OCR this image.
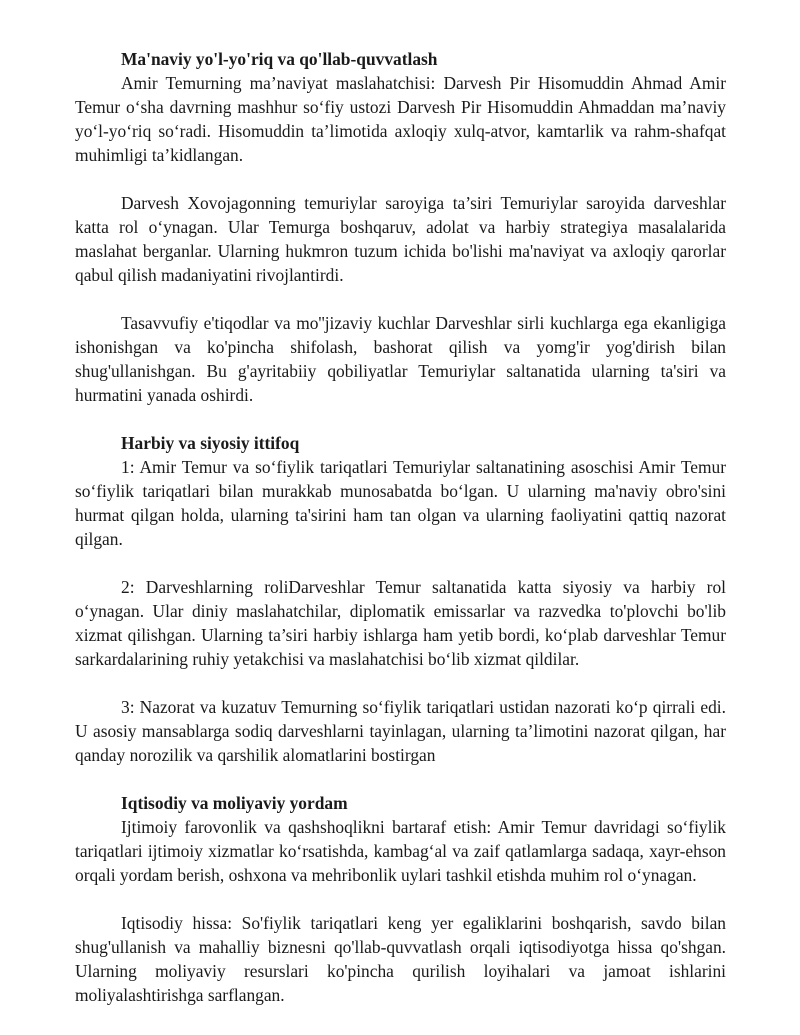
Ma'naviy yo'l-yo'riq va qo'llab-quvvatlash

Amir Temurning ma’naviyat maslahatchisi: Darvesh Pir Hisomuddin Ahmad Amir Temur o‘sha davrning mashhur so‘fiy ustozi Darvesh Pir Hisomuddin Ahmaddan ma’naviy yo‘l-yo‘riq so‘radi. Hisomuddin ta’limotida axloqiy xulq-atvor, kamtarlik va rahm-shafqat muhimligi ta’kidlangan.

Darvesh Xovojagonning temuriylar saroyiga ta’siri Temuriylar saroyida darveshlar katta rol o‘ynagan. Ular Temurga boshqaruv, adolat va harbiy strategiya masalalarida maslahat berganlar. Ularning hukmron tuzum ichida bo'lishi ma'naviyat va axloqiy qarorlar qabul qilish madaniyatini rivojlantirdi.

Tasavvufiy e'tiqodlar va mo''jizaviy kuchlar Darveshlar sirli kuchlarga ega ekanligiga ishonishgan va ko'pincha shifolash, bashorat qilish va yomg'ir yog'dirish bilan shug'ullanishgan. Bu g'ayritabiiy qobiliyatlar Temuriylar saltanatida ularning ta'siri va hurmatini yanada oshirdi.

Harbiy va siyosiy ittifoq

1: Amir Temur va so‘fiylik tariqatlari Temuriylar saltanatining asoschisi Amir Temur so‘fiylik tariqatlari bilan murakkab munosabatda bo‘lgan. U ularning ma'naviy obro'sini hurmat qilgan holda, ularning ta'sirini ham tan olgan va ularning faoliyatini qattiq nazorat qilgan.

2: Darveshlarning roliDarveshlar Temur saltanatida katta siyosiy va harbiy rol o‘ynagan. Ular diniy maslahatchilar, diplomatik emissarlar va razvedka to'plovchi bo'lib xizmat qilishgan. Ularning ta’siri harbiy ishlarga ham yetib bordi, ko‘plab darveshlar Temur sarkardalarining ruhiy yetakchisi va maslahatchisi bo‘lib xizmat qildilar.

3: Nazorat va kuzatuv Temurning so‘fiylik tariqatlari ustidan nazorati ko‘p qirrali edi. U asosiy mansablarga sodiq darveshlarni tayinlagan, ularning ta’limotini nazorat qilgan, har qanday norozilik va qarshilik alomatlarini bostirgan

Iqtisodiy va moliyaviy yordam

Ijtimoiy farovonlik va qashshoqlikni bartaraf etish: Amir Temur davridagi so‘fiylik tariqatlari ijtimoiy xizmatlar ko‘rsatishda, kambag‘al va zaif qatlamlarga sadaqa, xayr-ehson orqali yordam berish, oshxona va mehribonlik uylari tashkil etishda muhim rol o‘ynagan.

Iqtisodiy hissa: So'fiylik tariqatlari keng yer egaliklarini boshqarish, savdo bilan shug'ullanish va mahalliy biznesni qo'llab-quvvatlash orqali iqtisodiyotga hissa qo'shgan. Ularning moliyaviy resurslari ko'pincha qurilish loyihalari va jamoat ishlarini moliyalashtirishga sarflangan.
